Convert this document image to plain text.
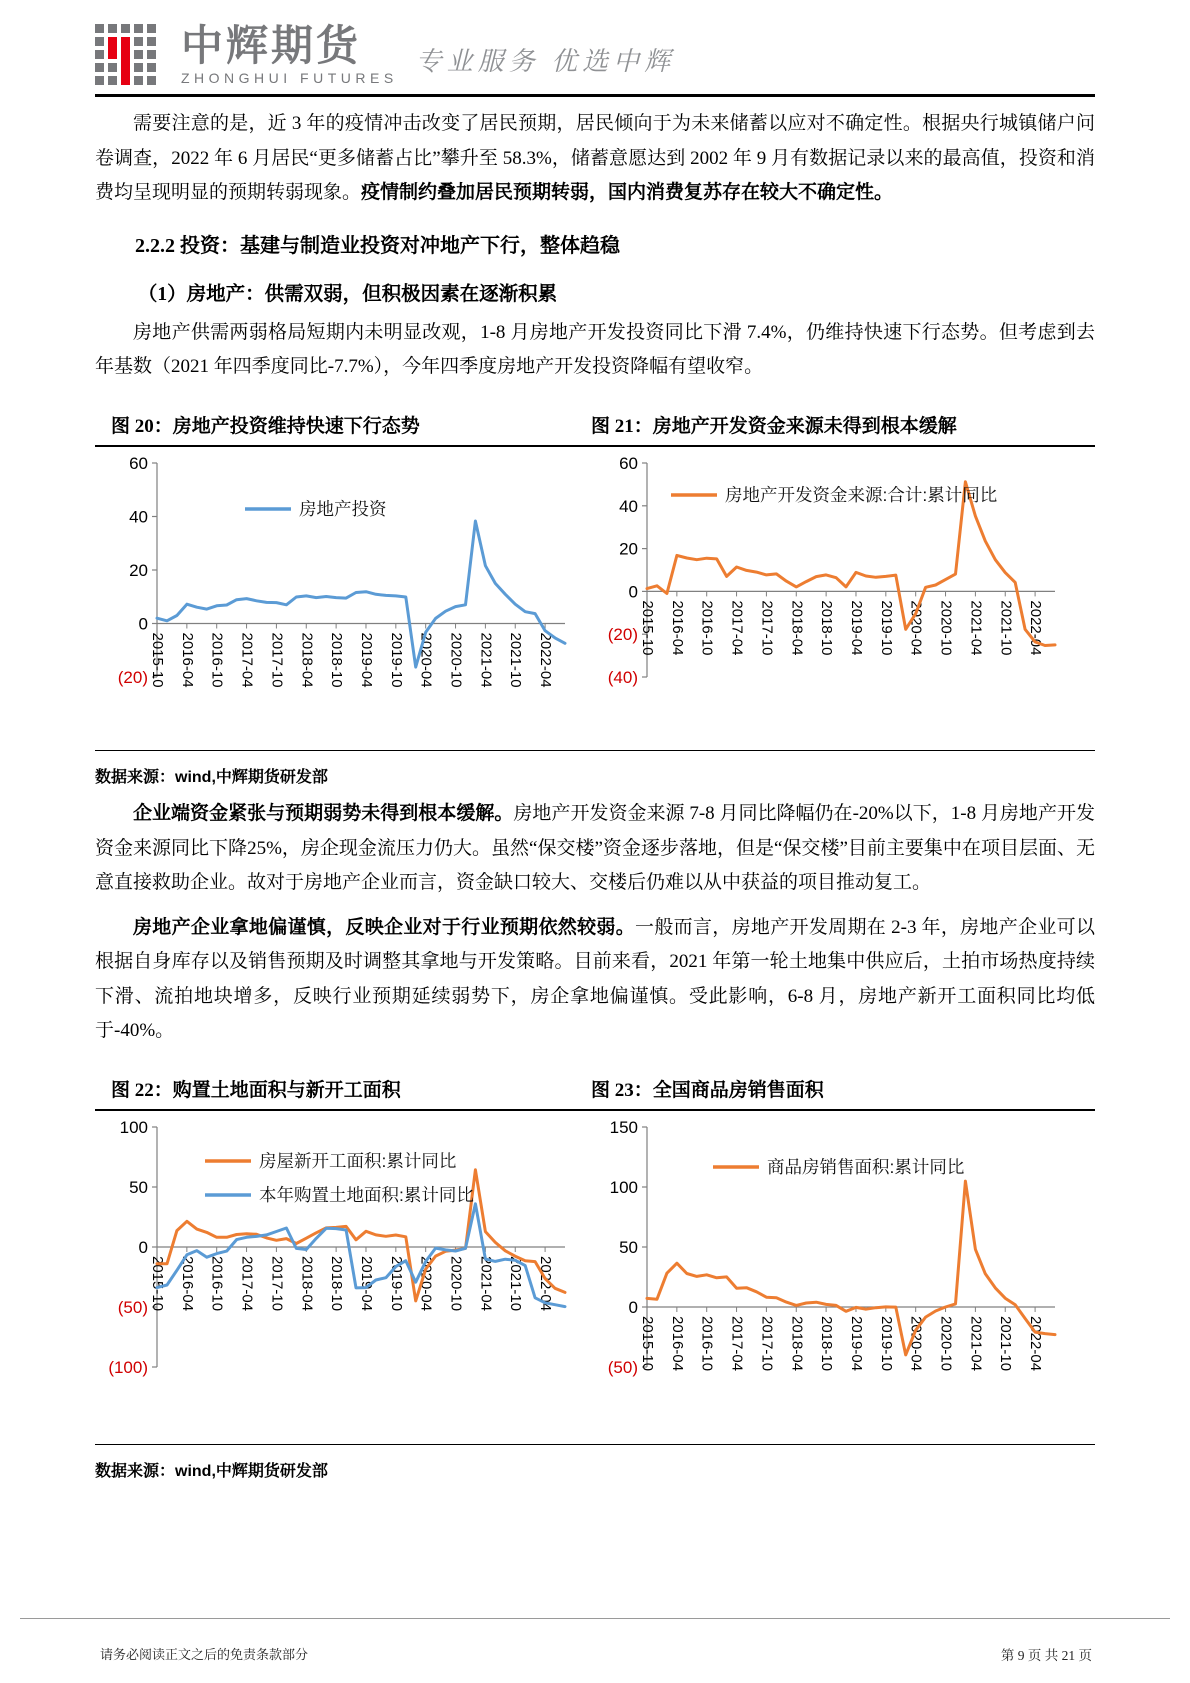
中辉期货
ZHONGHUI FUTURES
专业服务 优选中辉

需要注意的是，近 3 年的疫情冲击改变了居民预期，居民倾向于为未来储蓄以应对不确定性。根据央行城镇储户问卷调查，2022 年 6 月居民“更多储蓄占比”攀升至 58.3%，储蓄意愿达到 2002 年 9 月有数据记录以来的最高值，投资和消费均呈现明显的预期转弱现象。疫情制约叠加居民预期转弱，国内消费复苏存在较大不确定性。

2.2.2 投资：基建与制造业投资对冲地产下行，整体趋稳
（1）房地产：供需双弱，但积极因素在逐渐积累

房地产供需两弱格局短期内未明显改观，1-8 月房地产开发投资同比下滑 7.4%，仍维持快速下行态势。但考虑到去年基数（2021 年四季度同比-7.7%），今年四季度房地产开发投资降幅有望收窄。

图 20：房地产投资维持快速下行态势	图 21：房地产开发资金来源未得到根本缓解
60
40
20
0
(20) 2015-10 2016-04 2016-10 2017-04 2017-10 2018-04 2018-10 2019-04 2019-10 2020-04 2020-10 2021-04 2021-10 2022-04
房地产投资
60
40
20
0
(20)
(40)
2015-10 2016-04 2016-10 2017-04 2017-10 2018-04 2018-10 2019-04 2019-10 2020-04 2020-10 2021-04 2021-10 2022-04
房地产开发资金来源:合计:累计同比
数据来源：wind,中辉期货研发部

企业端资金紧张与预期弱势未得到根本缓解。房地产开发资金来源 7-8 月同比降幅仍在-20%以下，1-8 月房地产开发资金来源同比下降25%，房企现金流压力仍大。虽然“保交楼”资金逐步落地，但是“保交楼”目前主要集中在项目层面、无意直接救助企业。故对于房地产企业而言，资金缺口较大、交楼后仍难以从中获益的项目推动复工。

房地产企业拿地偏谨慎，反映企业对于行业预期依然较弱。一般而言，房地产开发周期在 2-3 年，房地产企业可以根据自身库存以及销售预期及时调整其拿地与开发策略。目前来看，2021 年第一轮土地集中供应后，土拍市场热度持续下滑、流拍地块增多，反映行业预期延续弱势下，房企拿地偏谨慎。受此影响，6-8 月，房地产新开工面积同比均低于-40%。

图 22：购置土地面积与新开工面积	图 23：全国商品房销售面积
100
50
0
(50)
(100)
2015-10 2016-04 2016-10 2017-04 2017-10 2018-04 2018-10 2019-04 2019-10 2020-04 2020-10 2021-04 2021-10 2022-04
房屋新开工面积:累计同比
本年购置土地面积:累计同比
150
100
50
0
(50) 2015-10 2016-04 2016-10 2017-04 2017-10 2018-04 2018-10 2019-04 2019-10 2020-04 2020-10 2021-04 2021-10 2022-04
商品房销售面积:累计同比
数据来源：wind,中辉期货研发部
请务必阅读正文之后的免责条款部分	第 9 页 共 21 页
